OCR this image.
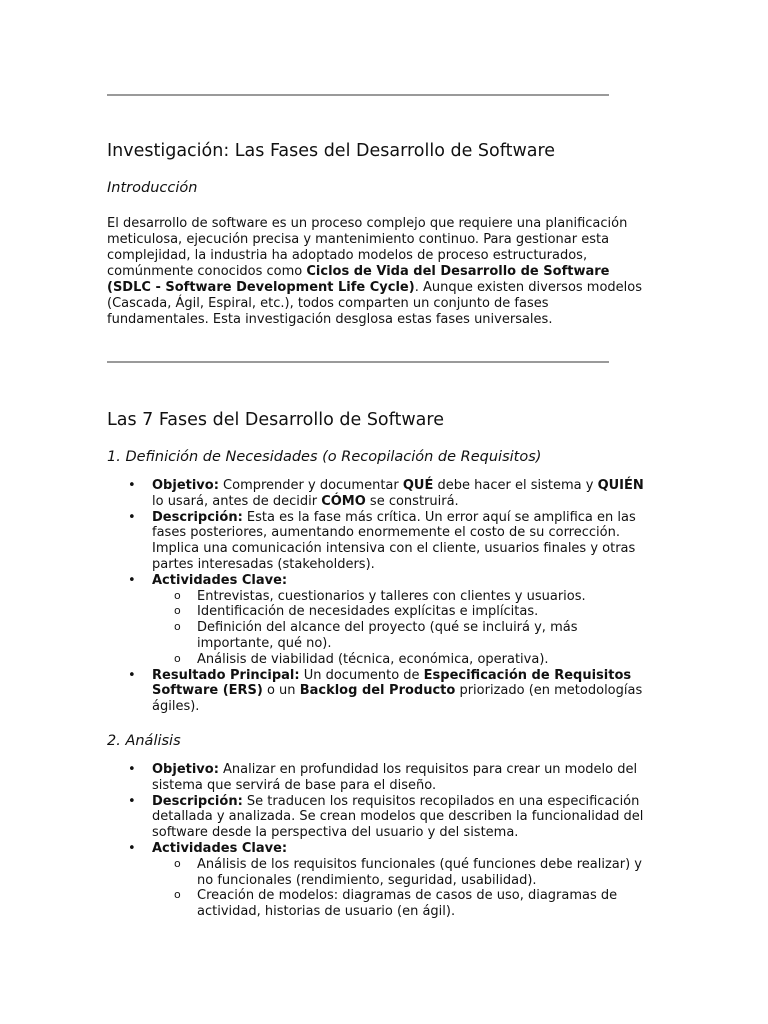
Investigación: Las Fases del Desarrollo de Software
Introducción

El desarrollo de software es un proceso complejo que requiere una planificación meticulosa, ejecución precisa y mantenimiento continuo. Para gestionar esta complejidad, la industria ha adoptado modelos de proceso estructurados, comúnmente conocidos como Ciclos de Vida del Desarrollo de Software (SDLC - Software Development Life Cycle). Aunque existen diversos modelos (Cascada, Ágil, Espiral, etc.), todos comparten un conjunto de fases fundamentales. Esta investigación desglosa estas fases universales.

Las 7 Fases del Desarrollo de Software
1. Definición de Necesidades (o Recopilación de Requisitos)
• Objetivo: Comprender y documentar QUÉ debe hacer el sistema y QUIÉN lo usará, antes de decidir CÓMO se construirá.
• Descripción: Esta es la fase más crítica. Un error aquí se amplifica en las fases posteriores, aumentando enormemente el costo de su corrección. Implica una comunicación intensiva con el cliente, usuarios finales y otras partes interesadas (stakeholders).
• Actividades Clave:
o Entrevistas, cuestionarios y talleres con clientes y usuarios.
o Identificación de necesidades explícitas e implícitas.
o Definición del alcance del proyecto (qué se incluirá y, más importante, qué no).
o Análisis de viabilidad (técnica, económica, operativa).
• Resultado Principal: Un documento de Especificación de Requisitos Software (ERS) o un Backlog del Producto priorizado (en metodologías ágiles).
2. Análisis
• Objetivo: Analizar en profundidad los requisitos para crear un modelo del sistema que servirá de base para el diseño.
• Descripción: Se traducen los requisitos recopilados en una especificación detallada y analizada. Se crean modelos que describen la funcionalidad del software desde la perspectiva del usuario y del sistema.
• Actividades Clave:
o Análisis de los requisitos funcionales (qué funciones debe realizar) y no funcionales (rendimiento, seguridad, usabilidad).
o Creación de modelos: diagramas de casos de uso, diagramas de actividad, historias de usuario (en ágil).
